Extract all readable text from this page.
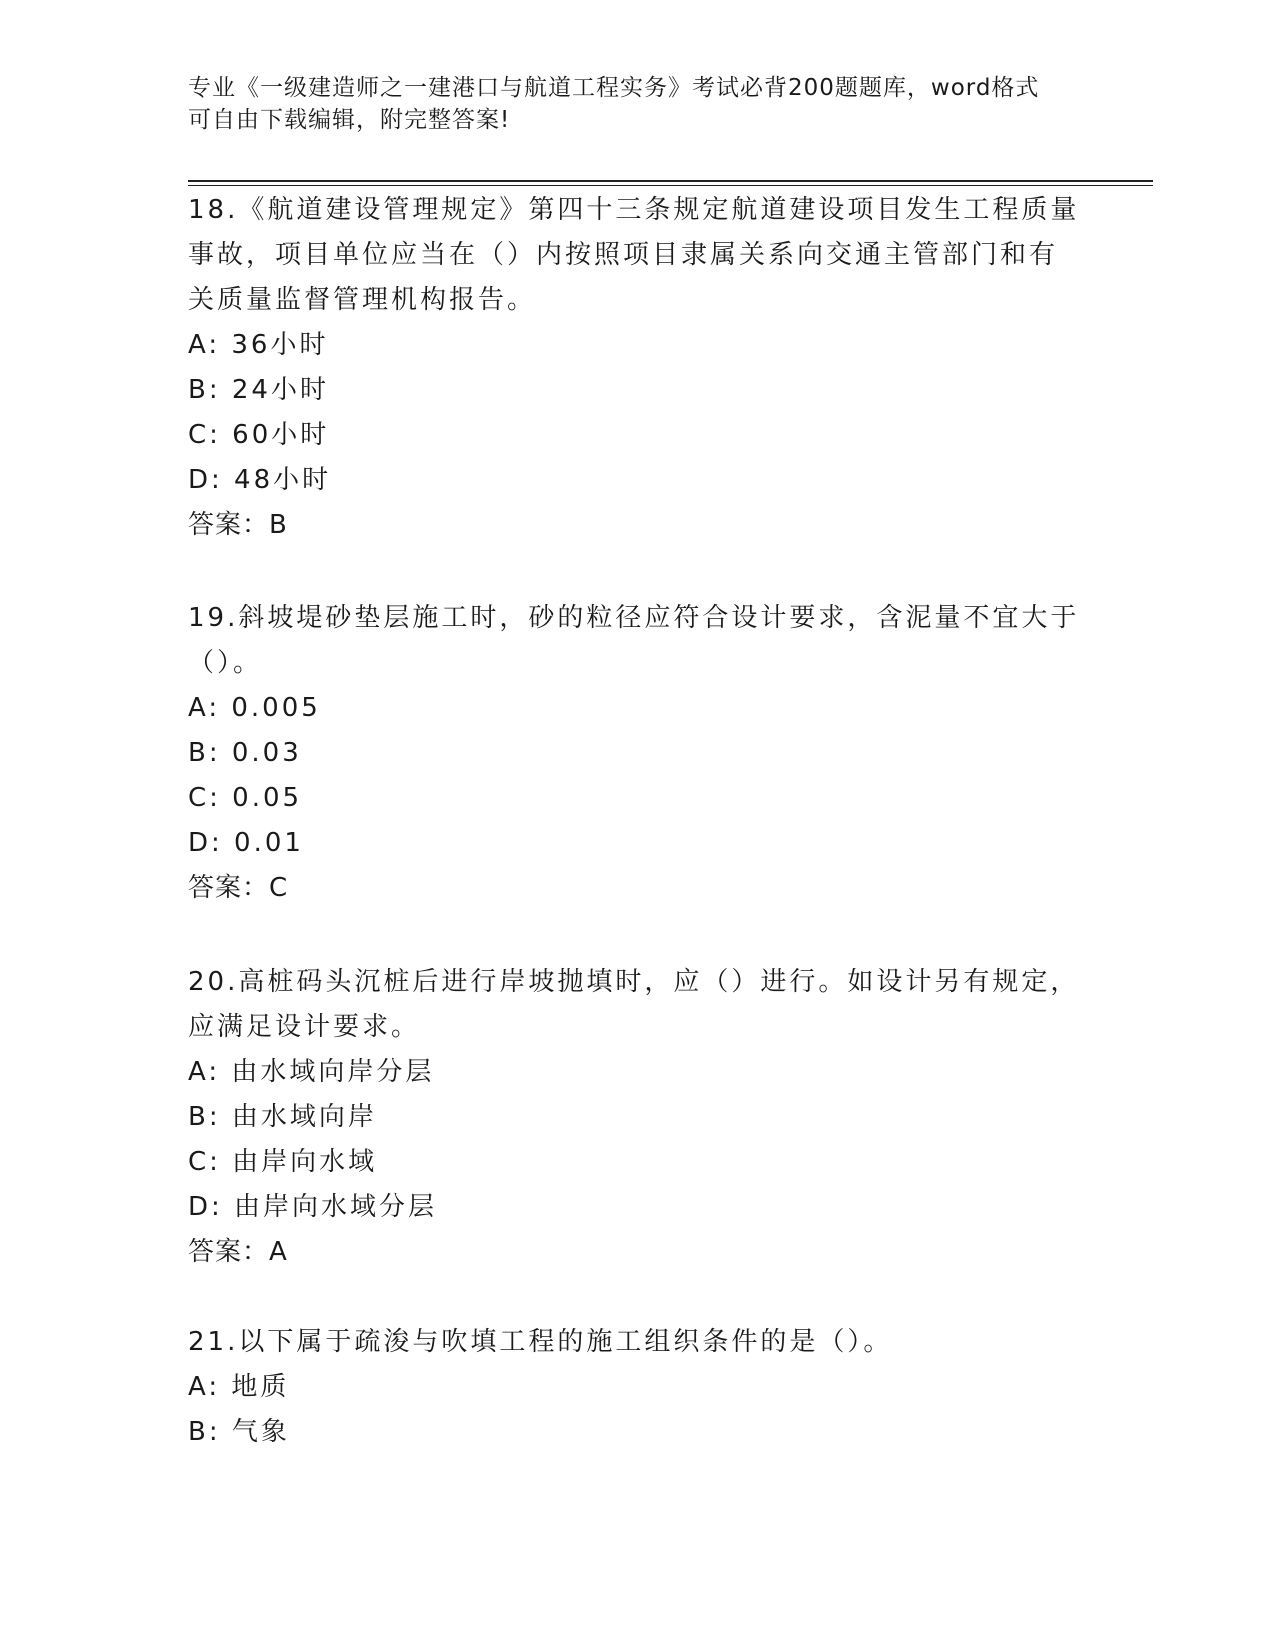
专业《一级建造师之一建港口与航道工程实务》考试必背200题题库，word格式
可自由下载编辑，附完整答案!

18.《航道建设管理规定》第四十三条规定航道建设项目发生工程质量

事故，项目单位应当在（）内按照项目隶属关系向交通主管部门和有

关质量监督管理机构报告。

A: 36小时

B: 24小时

C: 60小时

D: 48小时

答案：B

19.斜坡堤砂垫层施工时，砂的粒径应符合设计要求，含泥量不宜大于

（）。

A: 0.005

B: 0.03

C: 0.05

D: 0.01

答案：C

20.高桩码头沉桩后进行岸坡抛填时，应（）进行。如设计另有规定，

应满足设计要求。

A: 由水域向岸分层

B: 由水域向岸

C: 由岸向水域

D: 由岸向水域分层

答案：A

21.以下属于疏浚与吹填工程的施工组织条件的是（）。

A: 地质

B: 气象
